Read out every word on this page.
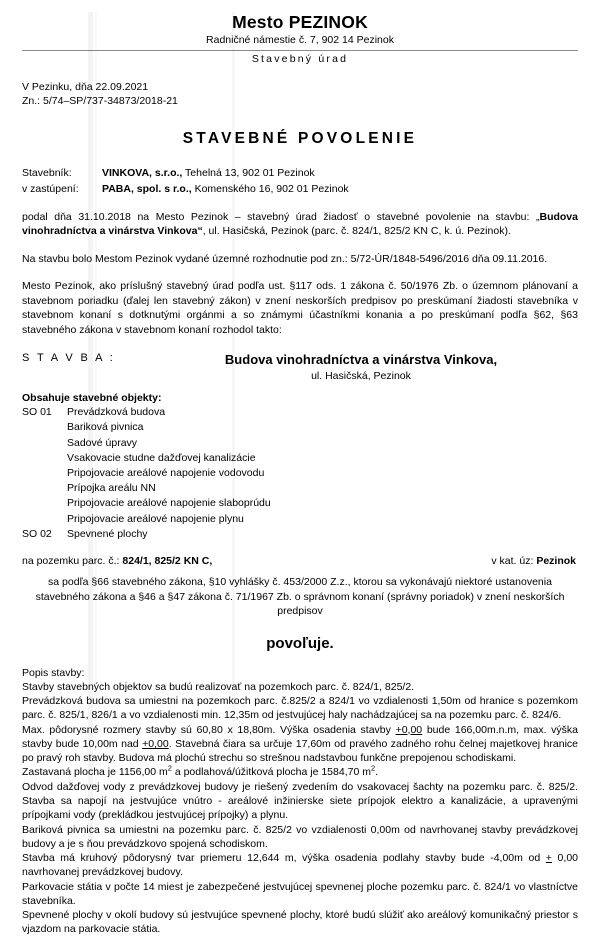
Mesto PEZINOK
Radničné námestie č. 7, 902 14 Pezinok
Stavebný úrad
V Pezinku, dňa 22.09.2021
Zn.: 5/74–SP/737-34873/2018-21
STAVEBNÉ POVOLENIE
Stavebník:	VINKOVA, s.r.o., Tehelná 13, 902 01 Pezinok
v zastúpení:	PABA, spol. s r.o., Komenského 16, 902 01 Pezinok

podal dňa 31.10.2018 na Mesto Pezinok – stavebný úrad žiadosť o stavebné povolenie na stavbu: „Budova vinohradníctva a vinárstva Vinkova“, ul. Hasičská, Pezinok (parc. č. 824/1, 825/2 KN C, k. ú. Pezinok).

Na stavbu bolo Mestom Pezinok vydané územné rozhodnutie pod zn.: 5/72-ÚR/1848-5496/2016 dňa 09.11.2016.

Mesto Pezinok, ako príslušný stavebný úrad podľa ust. §117 ods. 1 zákona č. 50/1976 Zb. o územnom plánovaní a stavebnom poriadku (ďalej len stavebný zákon) v znení neskorších predpisov po preskúmaní žiadosti stavebníka v stavebnom konaní s dotknutými orgánmi a so známymi účastníkmi konania a po preskúmaní podľa §62, §63 stavebného zákona v stavebnom konaní rozhodol takto:

S T A V B A :	Budova vinohradníctva a vinárstva Vinkova,
ul. Hasičská, Pezinok
Obsahuje stavebné objekty:
SO 01	Prevádzková budova
Bariková pivnica
Sadové úpravy
Vsakovacie studne dažďovej kanalizácie
Pripojovacie areálové napojenie vodovodu
Prípojka areálu NN
Pripojovacie areálové napojenie slaboprúdu
Pripojovacie areálové napojenie plynu
SO 02	Spevnené plochy
na pozemku parc. č.: 824/1, 825/2 KN C,	v kat. úz: Pezinok
sa podľa §66 stavebného zákona, §10 vyhlášky č. 453/2000 Z.z., ktorou sa vykonávajú niektoré ustanovenia stavebného zákona a §46 a §47 zákona č. 71/1967 Zb. o správnom konaní (správny poriadok) v znení neskorších predpisov
povoľuje.

Popis stavby:

Stavby stavebných objektov sa budú realizovať na pozemkoch parc. č. 824/1, 825/2.

Prevádzková budova sa umiestni na pozemkoch parc. č.825/2 a 824/1 vo vzdialenosti 1,50m od hranice s pozemkom parc. č. 825/1, 826/1 a vo vzdialenosti min. 12,35m od jestvujúcej haly nachádzajúcej sa na pozemku parc. č. 824/6.

Max. pôdorysné rozmery stavby sú 60,80 x 18,80m. Výška osadenia stavby +0,00 bude 166,00m.n.m, max. výška stavby bude 10,00m nad +0,00. Stavebná čiara sa určuje 17,60m od pravého zadného rohu čelnej majetkovej hranice po pravý roh stavby. Budova má plochú strechu so strešnou nadstavbou funkčne prepojenou schodiskami.

Zastavaná plocha je 1156,00 $m^2$ a podlahová/úžitková plocha je 1584,70 $m^2$.

Odvod dažďovej vody z prevádzkovej budovy je riešený zvedením do vsakovacej šachty na pozemku parc. č. 825/2. Stavba sa napojí na jestvujúce vnútro - areálové inžinierske siete prípojok elektro a kanalizácie, a upravenými prípojkami vody (prekládkou jestvujúcej prípojky) a plynu.

Bariková pivnica sa umiestni na pozemku parc. č. 825/2 vo vzdialenosti 0,00m od navrhovanej stavby prevádzkovej budovy a je s ňou prevádzkovo spojená schodiskom.

Stavba má kruhový pôdorysný tvar priemeru 12,644 m, výška osadenia podlahy stavby bude -4,00m od + 0,00 navrhovanej prevádzkovej budovy.

Parkovacie státia v počte 14 miest je zabezpečené jestvujúcej spevnenej ploche pozemku parc. č. 824/1 vo vlastníctve stavebníka.

Spevnené plochy v okolí budovy sú jestvujúce spevnené plochy, ktoré budú slúžiť ako areálový komunikačný priestor s vjazdom na parkovacie státia.
